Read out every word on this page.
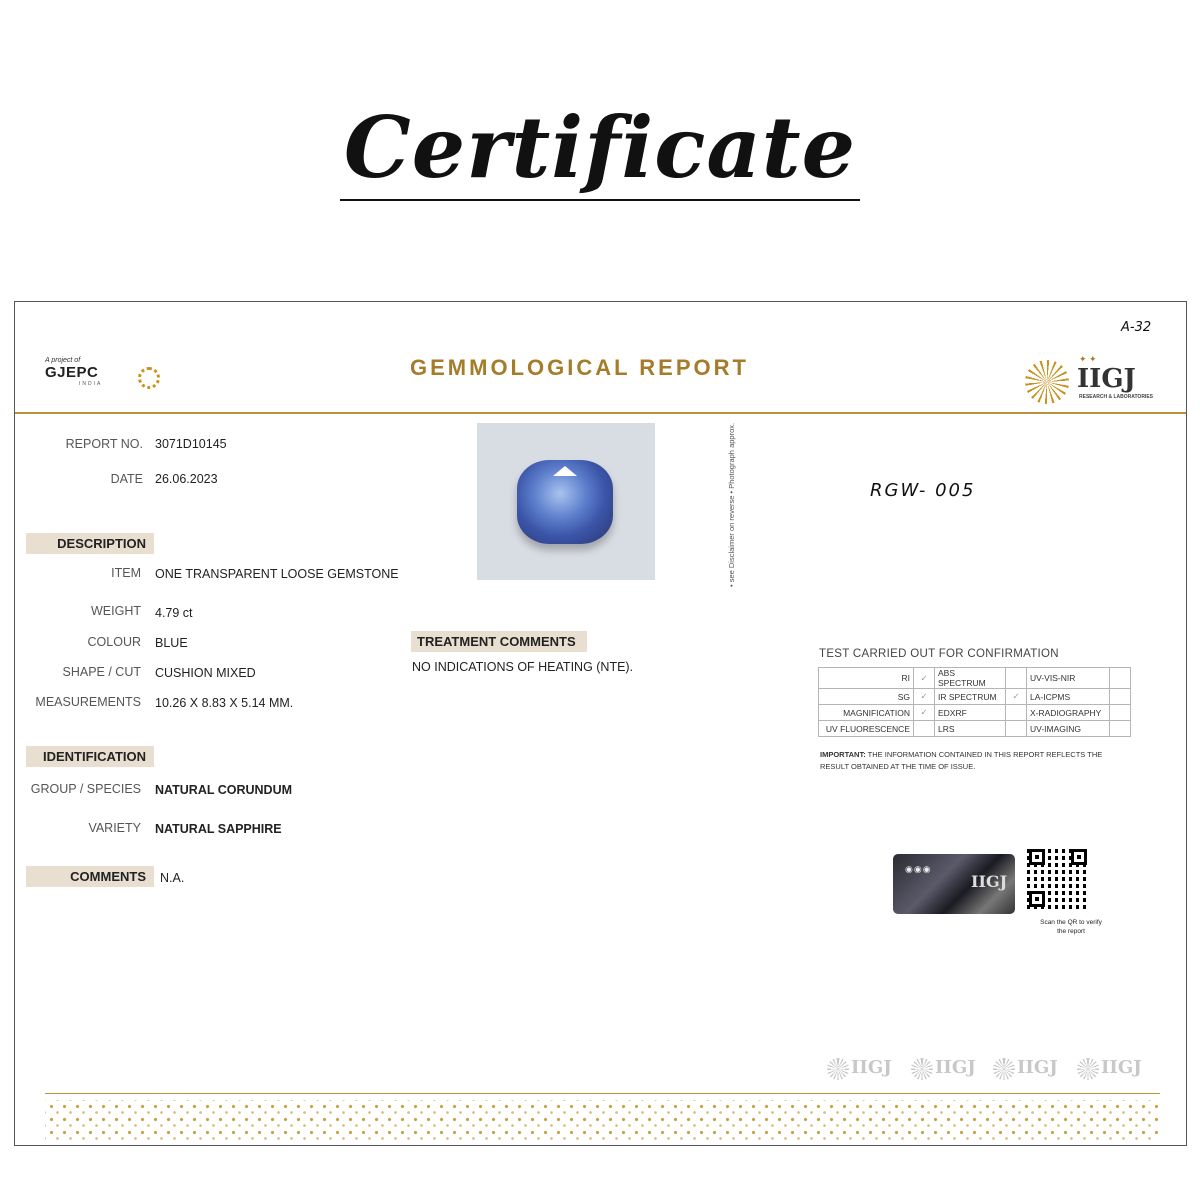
Certificate
A-32
A project of
GJEPC
INDIA
GEMMOLOGICAL REPORT	✦ ✦
IIGJ
RESEARCH & LABORATORIES
REPORT NO. 3071D10145
DATE 26.06.2023
DESCRIPTION
ITEM ONE TRANSPARENT LOOSE GEMSTONE
WEIGHT 4.79 ct
COLOUR BLUE
SHAPE / CUT CUSHION MIXED
MEASUREMENTS 10.26 X 8.83 X 5.14 MM.
IDENTIFICATION
GROUP / SPECIES NATURAL CORUNDUM
VARIETY NATURAL SAPPHIRE
COMMENTS	N.A.
• see Disclaimer on reverse • Photograph approx.	RGW- 005
TREATMENT COMMENTS
NO INDICATIONS OF HEATING (NTE).
TEST CARRIED OUT FOR CONFIRMATION
RI	✓	ABS SPECTRUM		UV-VIS-NIR	
SG	✓	IR SPECTRUM	✓	LA-ICPMS	
MAGNIFICATION	✓	EDXRF		X-RADIOGRAPHY	
UV FLUORESCENCE		LRS		UV-IMAGING	
IMPORTANT: THE INFORMATION CONTAINED IN THIS REPORT REFLECTS THE RESULT OBTAINED AT THE TIME OF ISSUE.
◉◉◉
IIGJ
Scan the QR to verify the report
IIGJ IIGJ IIGJ IIGJ
